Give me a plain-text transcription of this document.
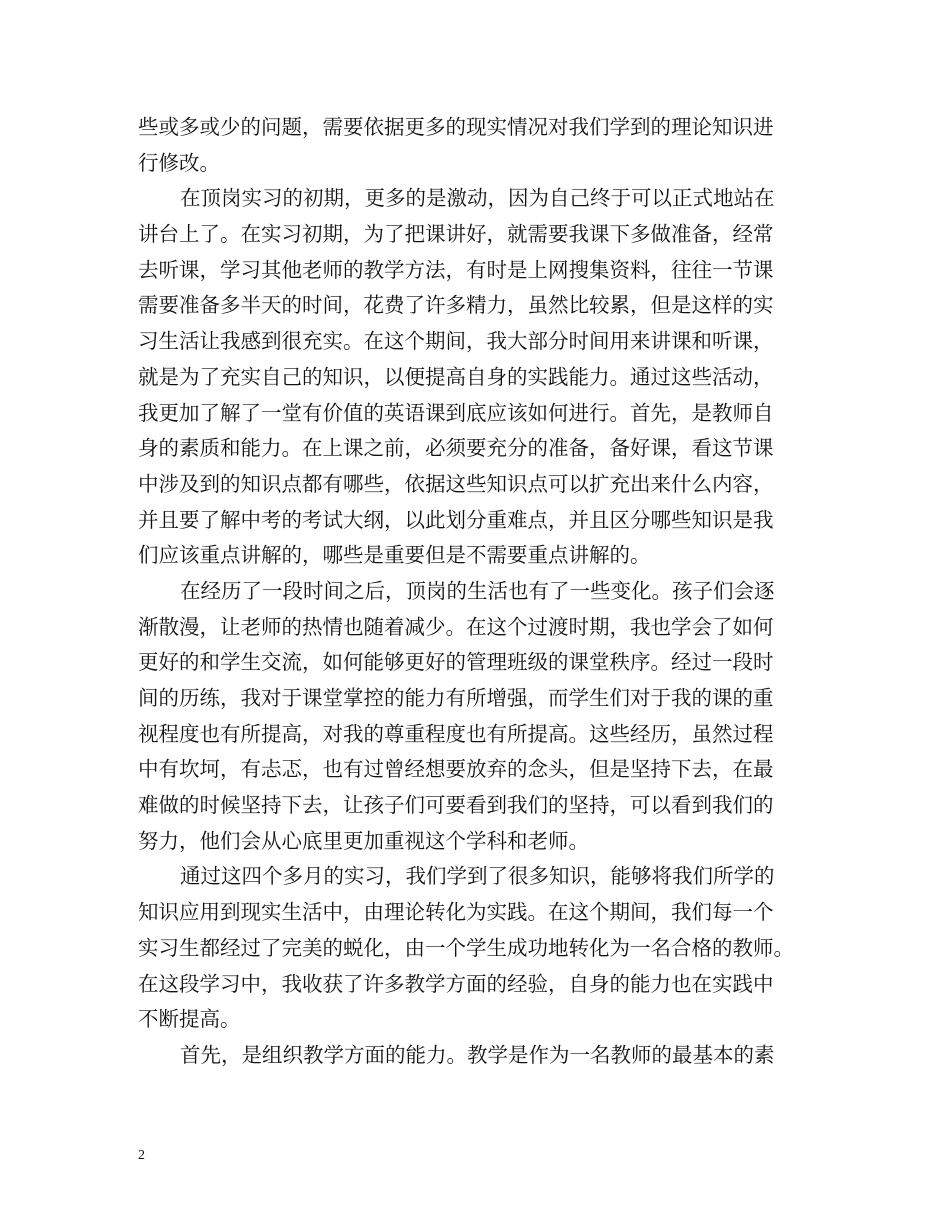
些或多或少的问题，需要依据更多的现实情况对我们学到的理论知识进
行修改。
在顶岗实习的初期，更多的是激动，因为自己终于可以正式地站在
讲台上了。在实习初期，为了把课讲好，就需要我课下多做准备，经常
去听课，学习其他老师的教学方法，有时是上网搜集资料，往往一节课
需要准备多半天的时间，花费了许多精力，虽然比较累，但是这样的实
习生活让我感到很充实。在这个期间，我大部分时间用来讲课和听课，
就是为了充实自己的知识，以便提高自身的实践能力。通过这些活动，
我更加了解了一堂有价值的英语课到底应该如何进行。首先，是教师自
身的素质和能力。在上课之前，必须要充分的准备，备好课，看这节课
中涉及到的知识点都有哪些，依据这些知识点可以扩充出来什么内容，
并且要了解中考的考试大纲，以此划分重难点，并且区分哪些知识是我
们应该重点讲解的，哪些是重要但是不需要重点讲解的。
在经历了一段时间之后，顶岗的生活也有了一些变化。孩子们会逐
渐散漫，让老师的热情也随着减少。在这个过渡时期，我也学会了如何
更好的和学生交流，如何能够更好的管理班级的课堂秩序。经过一段时
间的历练，我对于课堂掌控的能力有所增强，而学生们对于我的课的重
视程度也有所提高，对我的尊重程度也有所提高。这些经历，虽然过程
中有坎坷，有忐忑，也有过曾经想要放弃的念头，但是坚持下去，在最
难做的时候坚持下去，让孩子们可要看到我们的坚持，可以看到我们的
努力，他们会从心底里更加重视这个学科和老师。
通过这四个多月的实习，我们学到了很多知识，能够将我们所学的
知识应用到现实生活中，由理论转化为实践。在这个期间，我们每一个
实习生都经过了完美的蜕化，由一个学生成功地转化为一名合格的教师。
在这段学习中，我收获了许多教学方面的经验，自身的能力也在实践中
不断提高。
首先，是组织教学方面的能力。教学是作为一名教师的最基本的素
2
